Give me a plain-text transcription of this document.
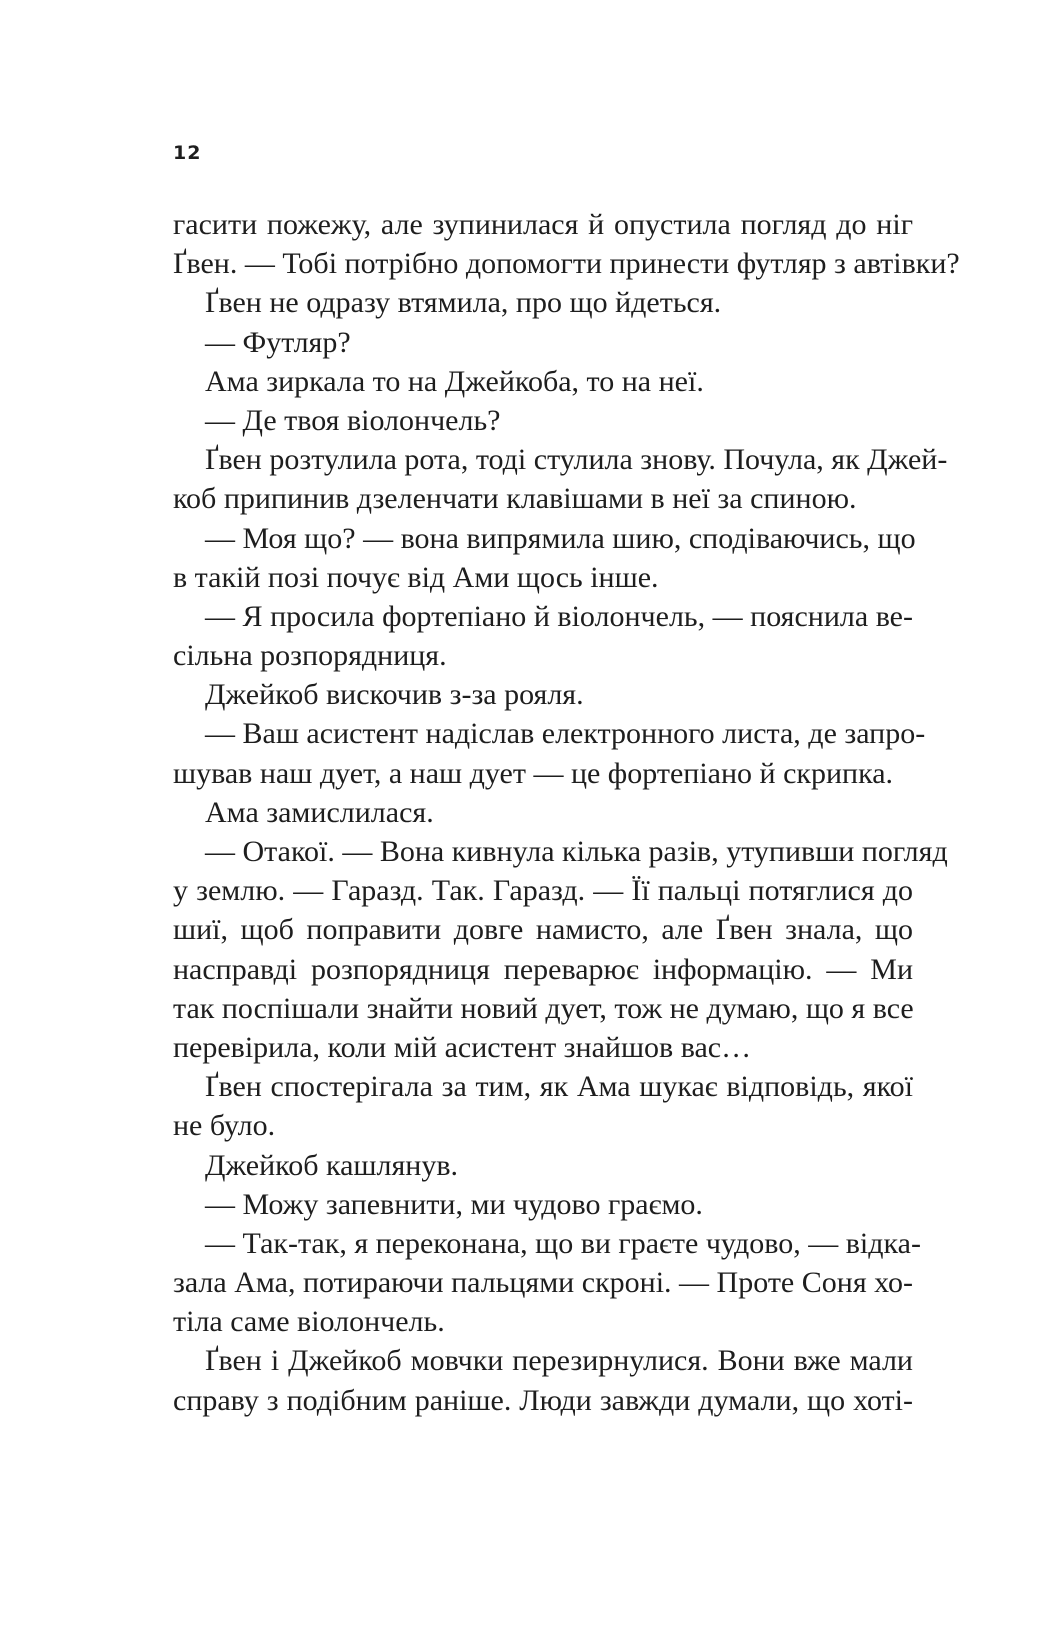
12
гасити пожежу, але зупинилася й опустила погляд до ніг
Ґвен. — Тобі потрібно допомогти принести футляр з автівки?
Ґвен не одразу втямила, про що йдеться.
— Футляр?
Ама зиркала то на Джейкоба, то на неї.
— Де твоя віолончель?
Ґвен розтулила рота, тоді стулила знову. Почула, як Джей-
коб припинив дзеленчати клавішами в неї за спиною.
— Моя що? — вона випрямила шию, сподіваючись, що
в такій позі почує від Ами щось інше.
— Я просила фортепіано й віолончель, — пояснила ве-
сільна розпорядниця.
Джейкоб вискочив з-за рояля.
— Ваш асистент надіслав електронного листа, де запро-
шував наш дует, а наш дует — це фортепіано й скрипка.
Ама замислилася.
— Отакої. — Вона кивнула кілька разів, утупивши погляд
у землю. — Гаразд. Так. Гаразд. — Її пальці потяглися до
шиї, щоб поправити довге намисто, але Ґвен знала, що
насправді розпорядниця переварює інформацію. — Ми
так поспішали знайти новий дует, тож не думаю, що я все
перевірила, коли мій асистент знайшов вас…
Ґвен спостерігала за тим, як Ама шукає відповідь, якої
не було.
Джейкоб кашлянув.
— Можу запевнити, ми чудово граємо.
— Так-так, я переконана, що ви граєте чудово, — відка-
зала Ама, потираючи пальцями скроні. — Проте Соня хо-
тіла саме віолончель.
Ґвен і Джейкоб мовчки перезирнулися. Вони вже мали
справу з подібним раніше. Люди завжди думали, що хоті-
